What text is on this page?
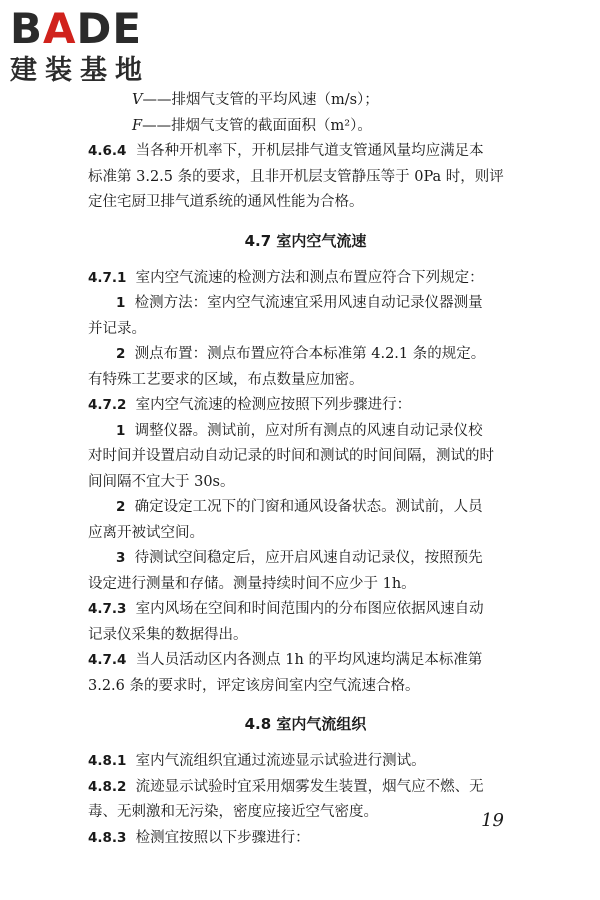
BADE
建装基地
V——排烟气支管的平均风速（m/s）；
F——排烟气支管的截面面积（m²）。
4.6.4 当各种开机率下，开机层排气道支管通风量均应满足本
标准第 3.2.5 条的要求，且非开机层支管静压等于 0Pa 时，则评
定住宅厨卫排气道系统的通风性能为合格。
4.7 室内空气流速
4.7.1 室内空气流速的检测方法和测点布置应符合下列规定：
1 检测方法：室内空气流速宜采用风速自动记录仪器测量
并记录。
2 测点布置：测点布置应符合本标准第 4.2.1 条的规定。
有特殊工艺要求的区域，布点数量应加密。
4.7.2 室内空气流速的检测应按照下列步骤进行：
1 调整仪器。测试前，应对所有测点的风速自动记录仪校
对时间并设置启动自动记录的时间和测试的时间间隔，测试的时
间间隔不宜大于 30s。
2 确定设定工况下的门窗和通风设备状态。测试前，人员
应离开被试空间。
3 待测试空间稳定后，应开启风速自动记录仪，按照预先
设定进行测量和存储。测量持续时间不应少于 1h。
4.7.3 室内风场在空间和时间范围内的分布图应依据风速自动
记录仪采集的数据得出。
4.7.4 当人员活动区内各测点 1h 的平均风速均满足本标准第
3.2.6 条的要求时，评定该房间室内空气流速合格。
4.8 室内气流组织
4.8.1 室内气流组织宜通过流迹显示试验进行测试。
4.8.2 流迹显示试验时宜采用烟雾发生装置，烟气应不燃、无
毒、无刺激和无污染，密度应接近空气密度。
4.8.3 检测宜按照以下步骤进行：
19
